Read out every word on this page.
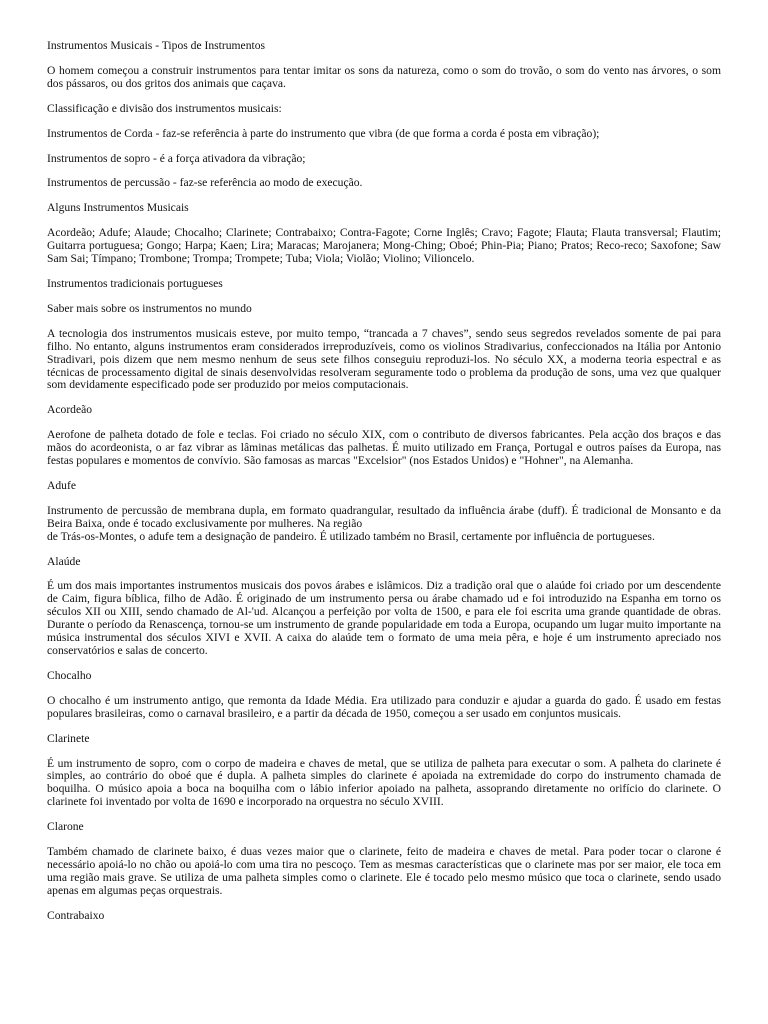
Instrumentos Musicais - Tipos de Instrumentos

O homem começou a construir instrumentos para tentar imitar os sons da natureza, como o som do trovão, o som do vento nas árvores, o som dos pássaros, ou dos gritos dos animais que caçava.

Classificação e divisão dos instrumentos musicais:

Instrumentos de Corda - faz-se referência à parte do instrumento que vibra (de que forma a corda é posta em vibração);

Instrumentos de sopro - é a força ativadora da vibração;

Instrumentos de percussão - faz-se referência ao modo de execução.

Alguns Instrumentos Musicais

Acordeão; Adufe; Alaude; Chocalho; Clarinete; Contrabaixo; Contra-Fagote; Corne Inglês; Cravo; Fagote; Flauta; Flauta transversal; Flautim; Guitarra portuguesa; Gongo; Harpa; Kaen; Lira; Maracas; Marojanera; Mong-Ching; Oboé; Phin-Pia; Piano; Pratos; Reco-reco; Saxofone; Saw Sam Sai; Tímpano; Trombone; Trompa; Trompete; Tuba; Viola; Violão; Violino; Vilioncelo.

Instrumentos tradicionais portugueses

Saber mais sobre os instrumentos no mundo

A tecnologia dos instrumentos musicais esteve, por muito tempo, “trancada a 7 chaves”, sendo seus segredos revelados somente de pai para filho. No entanto, alguns instrumentos eram considerados irreproduzíveis, como os violinos Stradivarius, confeccionados na Itália por Antonio Stradivari, pois dizem que nem mesmo nenhum de seus sete filhos conseguiu reproduzi-los. No século XX, a moderna teoria espectral e as técnicas de processamento digital de sinais desenvolvidas resolveram seguramente todo o problema da produção de sons, uma vez que qualquer som devidamente especificado pode ser produzido por meios computacionais.

Acordeão

Aerofone de palheta dotado de fole e teclas. Foi criado no século XIX, com o contributo de diversos fabricantes. Pela acção dos braços e das mãos do acordeonista, o ar faz vibrar as lâminas metálicas das palhetas. É muito utilizado em França, Portugal e outros países da Europa, nas festas populares e momentos de convívio. São famosas as marcas "Excelsior" (nos Estados Unidos) e "Hohner", na Alemanha.

Adufe

Instrumento de percussão de membrana dupla, em formato quadrangular, resultado da influência árabe (duff). É tradicional de Monsanto e da Beira Baixa, onde é tocado exclusivamente por mulheres. Na região
de Trás-os-Montes, o adufe tem a designação de pandeiro. É utilizado também no Brasil, certamente por influência de portugueses.

Alaúde

É um dos mais importantes instrumentos musicais dos povos árabes e islâmicos. Diz a tradição oral que o alaúde foi criado por um descendente de Caim, figura bíblica, filho de Adão. É originado de um instrumento persa ou árabe chamado ud e foi introduzido na Espanha em torno os séculos XII ou XIII, sendo chamado de Al-'ud. Alcançou a perfeição por volta de 1500, e para ele foi escrita uma grande quantidade de obras. Durante o período da Renascença, tornou-se um instrumento de grande popularidade em toda a Europa, ocupando um lugar muito importante na música instrumental dos séculos XIVI e XVII. A caixa do alaúde tem o formato de uma meia pêra, e hoje é um instrumento apreciado nos conservatórios e salas de concerto.

Chocalho

O chocalho é um instrumento antigo, que remonta da Idade Média. Era utilizado para conduzir e ajudar a guarda do gado. É usado em festas populares brasileiras, como o carnaval brasileiro, e a partir da década de 1950, começou a ser usado em conjuntos musicais.

Clarinete

É um instrumento de sopro, com o corpo de madeira e chaves de metal, que se utiliza de palheta para executar o som. A palheta do clarinete é simples, ao contrário do oboé que é dupla. A palheta simples do clarinete é apoiada na extremidade do corpo do instrumento chamada de boquilha. O músico apoia a boca na boquilha com o lábio inferior apoiado na palheta, assoprando diretamente no orifício do clarinete. O clarinete foi inventado por volta de 1690 e incorporado na orquestra no século XVIII.

Clarone

Também chamado de clarinete baixo, é duas vezes maior que o clarinete, feito de madeira e chaves de metal. Para poder tocar o clarone é necessário apoiá-lo no chão ou apoiá-lo com uma tira no pescoço. Tem as mesmas características que o clarinete mas por ser maior, ele toca em uma região mais grave. Se utiliza de uma palheta simples como o clarinete. Ele é tocado pelo mesmo músico que toca o clarinete, sendo usado apenas em algumas peças orquestrais.

Contrabaixo
